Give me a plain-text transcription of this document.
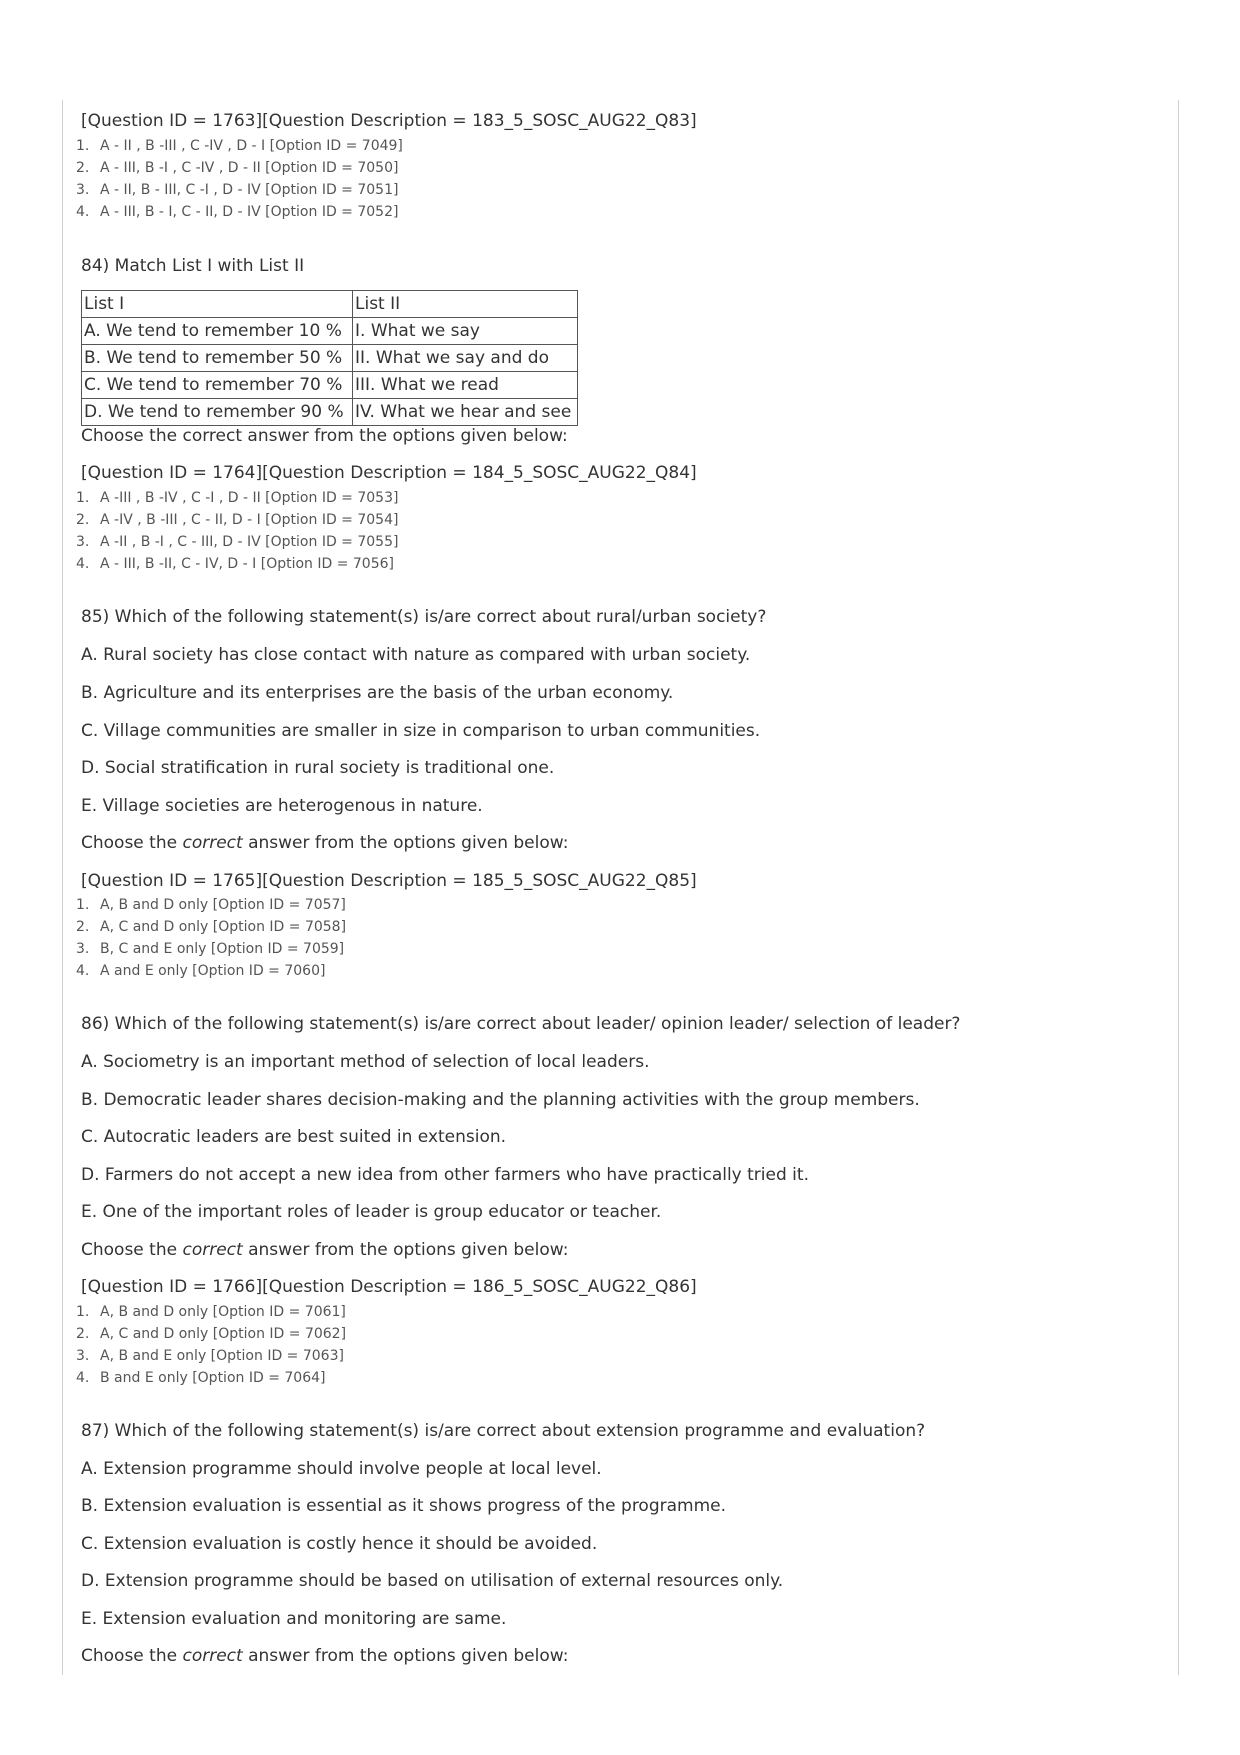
[Question ID = 1763][Question Description = 183_5_SOSC_AUG22_Q83]
1. A - II , B -III , C -IV , D - I [Option ID = 7049]
2. A - III, B -I , C -IV , D - II [Option ID = 7050]
3. A - II, B - III, C -I , D - IV [Option ID = 7051]
4. A - III, B - I, C - II, D - IV [Option ID = 7052]
84) Match List I with List II
List I	List II
A. We tend to remember 10 %	I. What we say
B. We tend to remember 50 %	II. What we say and do
C. We tend to remember 70 %	III. What we read
D. We tend to remember 90 %	IV. What we hear and see
Choose the correct answer from the options given below:
[Question ID = 1764][Question Description = 184_5_SOSC_AUG22_Q84]
1. A -III , B -IV , C -I , D - II [Option ID = 7053]
2. A -IV , B -III , C - II, D - I [Option ID = 7054]
3. A -II , B -I , C - III, D - IV [Option ID = 7055]
4. A - III, B -II, C - IV, D - I [Option ID = 7056]
85) Which of the following statement(s) is/are correct about rural/urban society?
A. Rural society has close contact with nature as compared with urban society.
B. Agriculture and its enterprises are the basis of the urban economy.
C. Village communities are smaller in size in comparison to urban communities.
D. Social stratification in rural society is traditional one.
E. Village societies are heterogenous in nature.
Choose the correct answer from the options given below:
[Question ID = 1765][Question Description = 185_5_SOSC_AUG22_Q85]
1. A, B and D only [Option ID = 7057]
2. A, C and D only [Option ID = 7058]
3. B, C and E only [Option ID = 7059]
4. A and E only [Option ID = 7060]
86) Which of the following statement(s) is/are correct about leader/ opinion leader/ selection of leader?
A. Sociometry is an important method of selection of local leaders.
B. Democratic leader shares decision-making and the planning activities with the group members.
C. Autocratic leaders are best suited in extension.
D. Farmers do not accept a new idea from other farmers who have practically tried it.
E. One of the important roles of leader is group educator or teacher.
Choose the correct answer from the options given below:
[Question ID = 1766][Question Description = 186_5_SOSC_AUG22_Q86]
1. A, B and D only [Option ID = 7061]
2. A, C and D only [Option ID = 7062]
3. A, B and E only [Option ID = 7063]
4. B and E only [Option ID = 7064]
87) Which of the following statement(s) is/are correct about extension programme and evaluation?
A. Extension programme should involve people at local level.
B. Extension evaluation is essential as it shows progress of the programme.
C. Extension evaluation is costly hence it should be avoided.
D. Extension programme should be based on utilisation of external resources only.
E. Extension evaluation and monitoring are same.
Choose the correct answer from the options given below:
